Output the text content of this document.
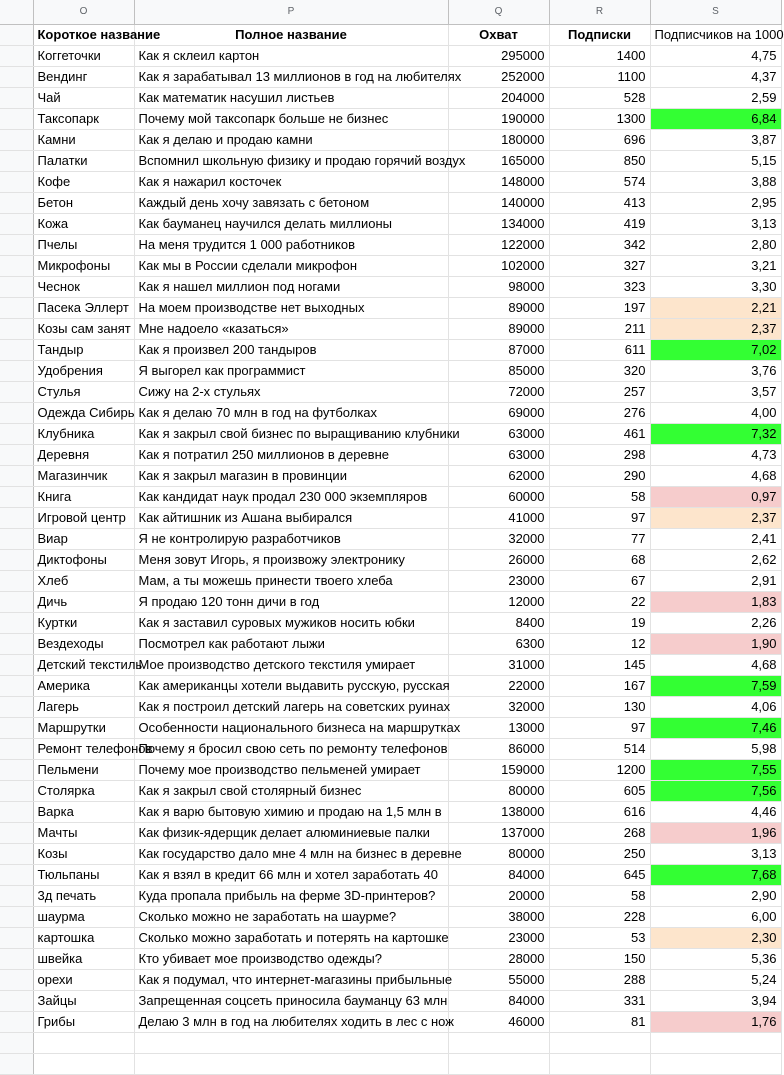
	O	P	Q	R	S
	Короткое название	Полное название	Охват	Подписки	Подписчиков на 1000
	Коггеточки	Как я склеил картон	295000	1400	4,75
	Вендинг	Как я зарабатывал 13 миллионов в год на любителях	252000	1100	4,37
	Чай	Как математик насушил листьев	204000	528	2,59
	Таксопарк	Почему мой таксопарк больше не бизнес	190000	1300	6,84
	Камни	Как я делаю и продаю камни	180000	696	3,87
	Палатки	Вспомнил школьную физику и продаю горячий воздух	165000	850	5,15
	Кофе	Как я нажарил косточек	148000	574	3,88
	Бетон	Каждый день хочу завязать с бетоном	140000	413	2,95
	Кожа	Как бауманец научился делать миллионы	134000	419	3,13
	Пчелы	На меня трудится 1 000 работников	122000	342	2,80
	Микрофоны	Как мы в России сделали микрофон	102000	327	3,21
	Чеснок	Как я нашел миллион под ногами	98000	323	3,30
	Пасека Эллерт	На моем производстве нет выходных	89000	197	2,21
	Козы сам занят	Мне надоело «казаться»	89000	211	2,37
	Тандыр	Как я произвел 200 тандыров	87000	611	7,02
	Удобрения	Я выгорел как программист	85000	320	3,76
	Стулья	Сижу на 2-х стульях	72000	257	3,57
	Одежда Сибирь	Как я делаю 70 млн в год на футболках	69000	276	4,00
	Клубника	Как я закрыл свой бизнес по выращиванию клубники	63000	461	7,32
	Деревня	Как я потратил 250 миллионов в деревне	63000	298	4,73
	Магазинчик	Как я закрыл магазин в провинции	62000	290	4,68
	Книга	Как кандидат наук продал 230 000 экземпляров	60000	58	0,97
	Игровой центр	Как айтишник из Ашана выбирался	41000	97	2,37
	Виар	Я не контролирую разработчиков	32000	77	2,41
	Диктофоны	Меня зовут Игорь, я произвожу электронику	26000	68	2,62
	Хлеб	Мам, а ты можешь принести твоего хлеба	23000	67	2,91
	Дичь	Я продаю 120 тонн дичи в год	12000	22	1,83
	Куртки	Как я заставил суровых мужиков носить юбки	8400	19	2,26
	Вездеходы	Посмотрел как работают лыжи	6300	12	1,90
	Детский текстиль	Мое производство детского текстиля умирает	31000	145	4,68
	Америка	Как американцы хотели выдавить русскую, русская	22000	167	7,59
	Лагерь	Как я построил детский лагерь на советских руинах	32000	130	4,06
	Маршрутки	Особенности национального бизнеса на маршрутках	13000	97	7,46
	Ремонт телефонов	Почему я бросил свою сеть по ремонту телефонов	86000	514	5,98
	Пельмени	Почему мое производство пельменей умирает	159000	1200	7,55
	Столярка	Как я закрыл свой столярный бизнес	80000	605	7,56
	Варка	Как я варю бытовую химию и продаю на 1,5 млн в	138000	616	4,46
	Мачты	Как физик-ядерщик делает алюминиевые палки	137000	268	1,96
	Козы	Как государство дало мне 4 млн на бизнес в деревне	80000	250	3,13
	Тюльпаны	Как я взял в кредит 66 млн и хотел заработать 40	84000	645	7,68
	3д печать	Куда пропала прибыль на ферме 3D-принтеров?	20000	58	2,90
	шаурма	Сколько можно не заработать на шаурме?	38000	228	6,00
	картошка	Сколько можно заработать и потерять на картошке	23000	53	2,30
	швейка	Кто убивает мое производство одежды?	28000	150	5,36
	орехи	Как я подумал, что интернет-магазины прибыльные	55000	288	5,24
	Зайцы	Запрещенная соцсеть приносила бауманцу 63 млн	84000	331	3,94
	Грибы	Делаю 3 млн в год на любителях ходить в лес с нож	46000	81	1,76
